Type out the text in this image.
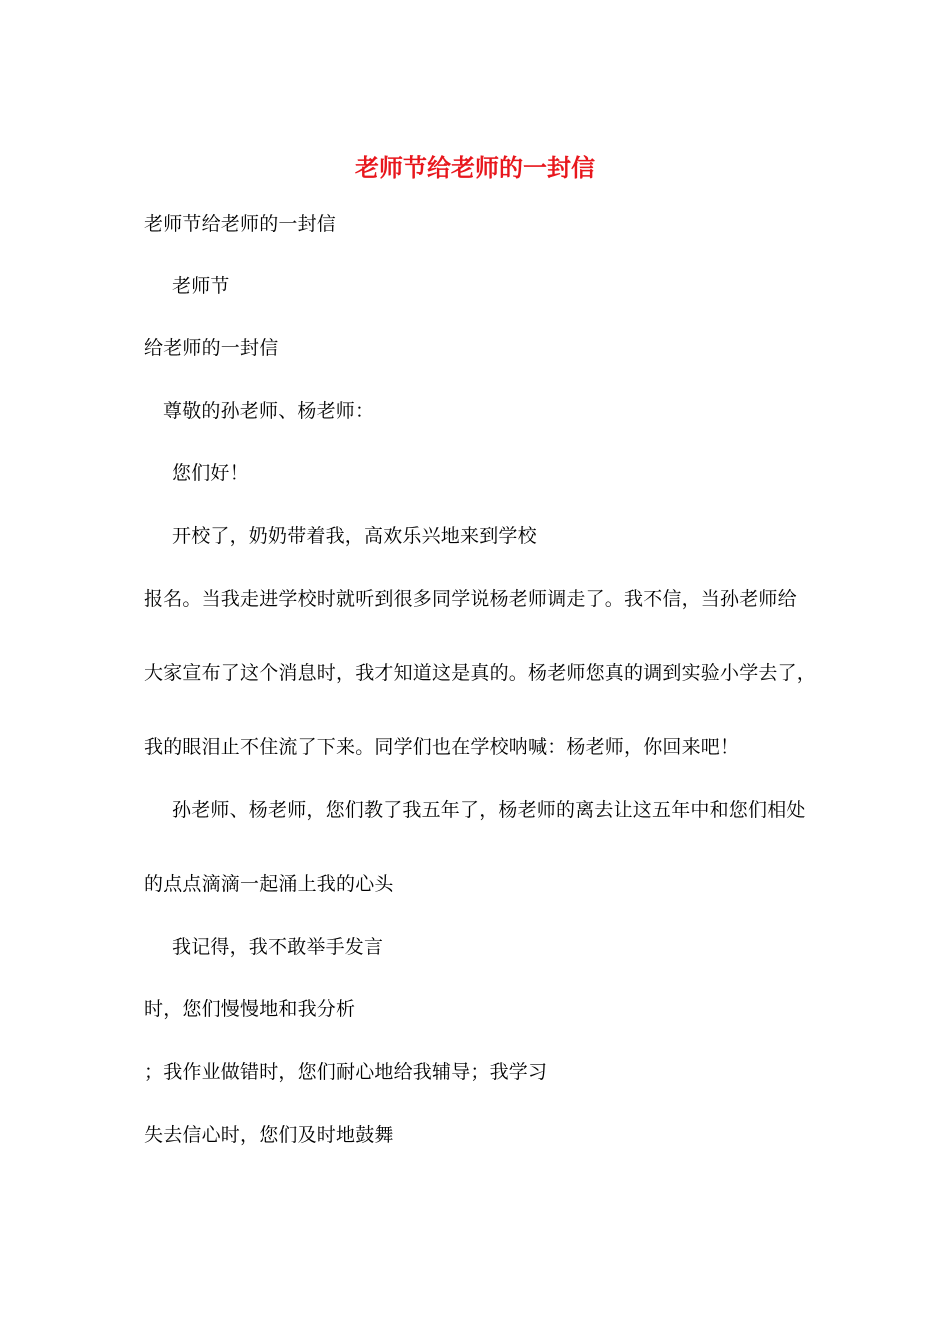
老师节给老师的一封信
老师节给老师的一封信
老师节
给老师的一封信
尊敬的孙老师、杨老师：
您们好！
开校了，奶奶带着我，高欢乐兴地来到学校
报名。当我走进学校时就听到很多同学说杨老师调走了。我不信，当孙老师给
大家宣布了这个消息时，我才知道这是真的。杨老师您真的调到实验小学去了，
我的眼泪止不住流了下来。同学们也在学校呐喊：杨老师，你回来吧！
孙老师、杨老师，您们教了我五年了，杨老师的离去让这五年中和您们相处
的点点滴滴一起涌上我的心头
我记得，我不敢举手发言
时，您们慢慢地和我分析
；我作业做错时，您们耐心地给我辅导；我学习
失去信心时，您们及时地鼓舞
